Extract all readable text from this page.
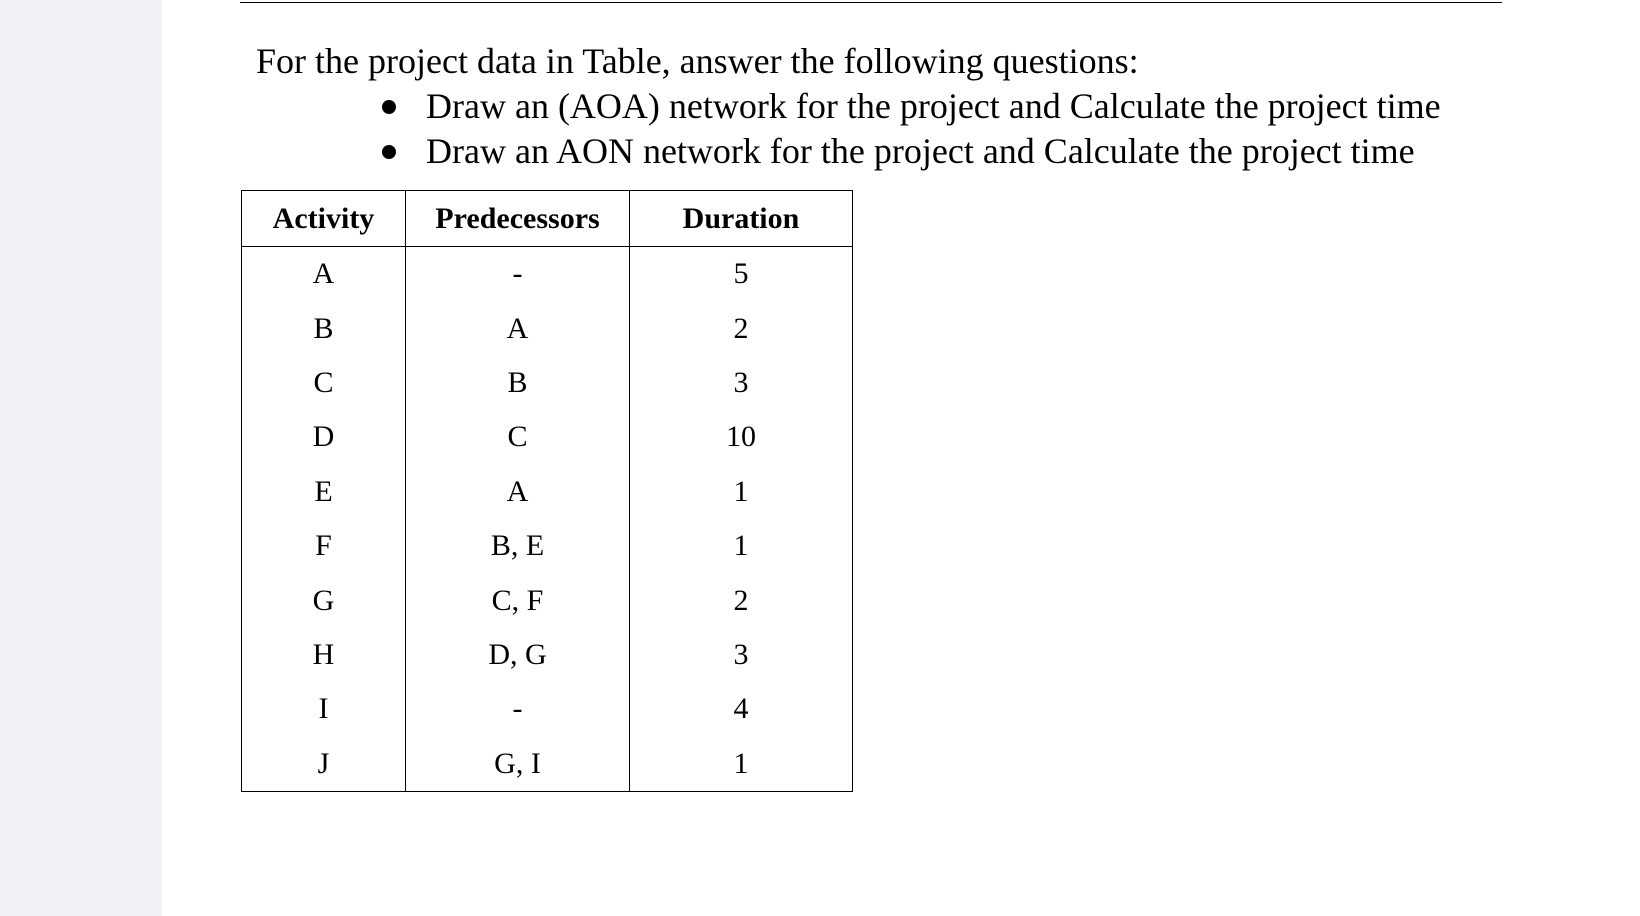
For the project data in Table, answer the following questions:

Draw an (AOA) network for the project and Calculate the project time
Draw an AON network for the project and Calculate the project time
Activity	Predecessors	Duration
A	-	5
B	A	2
C	B	3
D	C	10
E	A	1
F	B, E	1
G	C, F	2
H	D, G	3
I	-	4
J	G, I	1
